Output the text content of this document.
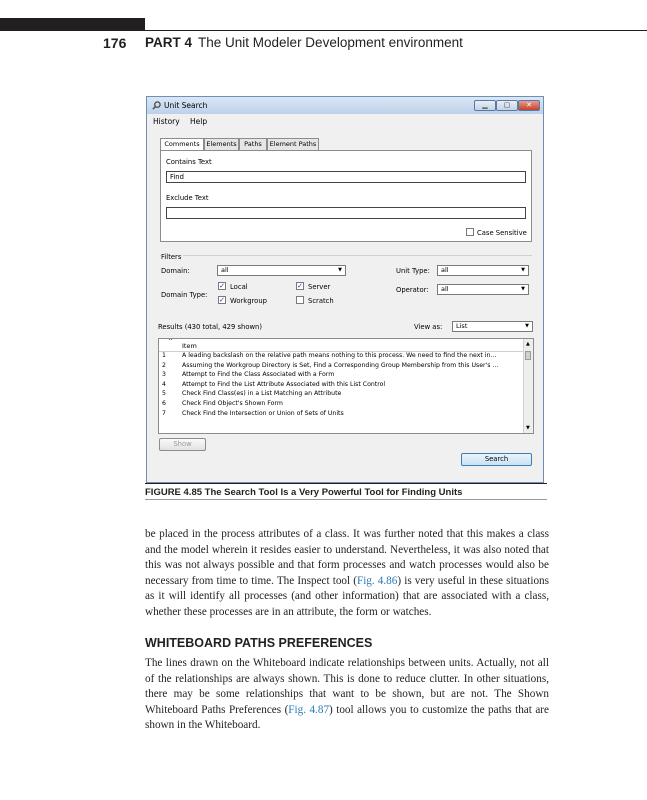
176 PART 4 The Unit Modeler Development environment
Unit Search	▁	▢	✕
History Help
Comments	Elements	Paths	Element Paths
Contains Text
Find
Exclude Text
Case Sensitive
Filters
Domain:	all	▼	Unit Type:	all	▼
Operator:	all	▼
Domain Type:
✓ Local	✓ Server
✓ Workgroup	Scratch
Results (430 total, 429 shown)	View as:	List	▼
^
Item
1	A leading backslash on the relative path means nothing to this process. We need to find the next in...
2	Assuming the Workgroup Directory is Set, Find a Corresponding Group Membership from this User's ...
3	Attempt to Find the Class Associated with a Form
4	Attempt to Find the List Attribute Associated with this List Control
5	Check Find Class(es) in a List Matching an Attribute
6	Check Find Object's Shown Form
7	Check Find the Intersection or Union of Sets of Units
▲
▼
Show
Search
FIGURE 4.85 The Search Tool Is a Very Powerful Tool for Finding Units

be placed in the process attributes of a class. It was further noted that this makes a class and the model wherein it resides easier to understand. Nevertheless, it was also noted that this was not always possible and that form processes and watch processes would also be necessary from time to time. The Inspect tool (Fig. 4.86) is very useful in these situations as it will identify all processes (and other information) that are associated with a class, whether these processes are in an attribute, the form or watches.

WHITEBOARD PATHS PREFERENCES

The lines drawn on the Whiteboard indicate relationships between units. Actually, not all of the relationships are always shown. This is done to reduce clutter. In other situations, there may be some relationships that want to be shown, but are not. The Shown Whiteboard Paths Preferences (Fig. 4.87) tool allows you to customize the paths that are shown in the Whiteboard.
